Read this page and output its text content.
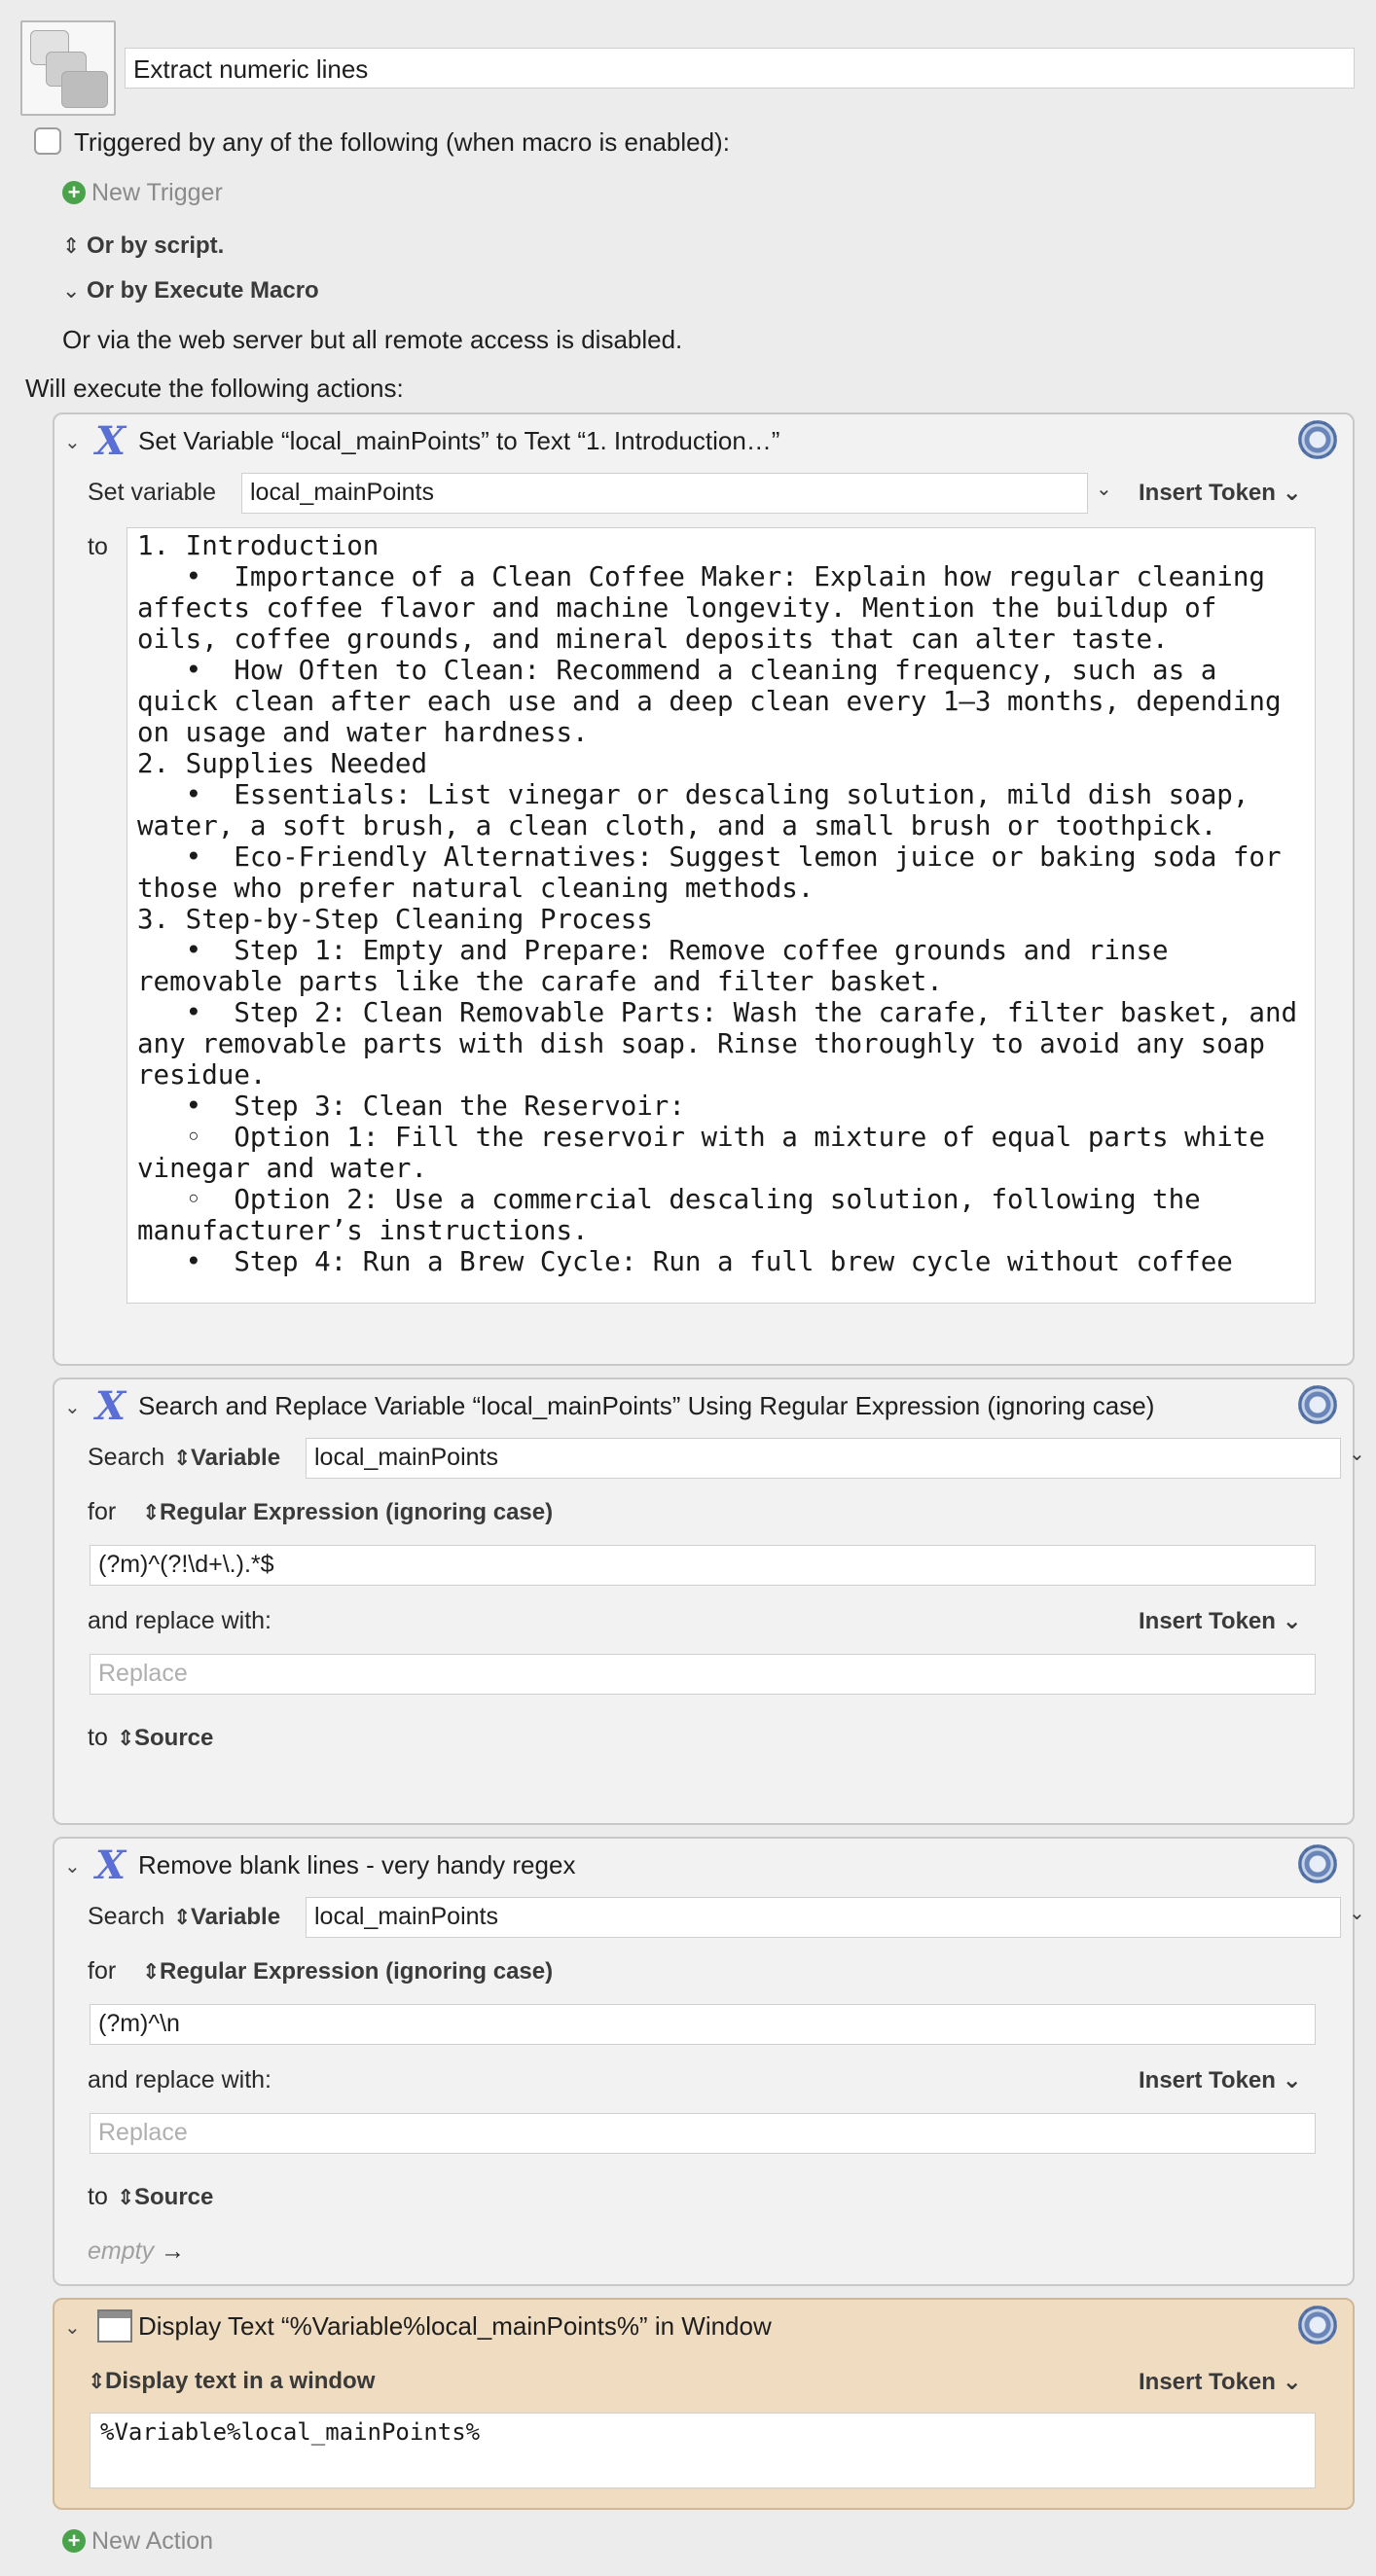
Extract numeric lines
Triggered by any of the following (when macro is enabled):
+ New Trigger
⇕ Or by script.
⌄ Or by Execute Macro
Or via the web server but all remote access is disabled.
Will execute the following actions:
⌄ X Set Variable “local_mainPoints” to Text “1. Introduction…”
Set variable	local_mainPoints	⌄ Insert Token ⌄
to	1. Introduction
•  Importance of a Clean Coffee Maker: Explain how regular cleaning affects coffee flavor and machine longevity. Mention the buildup of oils, coffee grounds, and mineral deposits that can alter taste.
•  How Often to Clean: Recommend a cleaning frequency, such as a quick clean after each use and a deep clean every 1–3 months, depending on usage and water hardness.
2. Supplies Needed
•  Essentials: List vinegar or descaling solution, mild dish soap, water, a soft brush, a clean cloth, and a small brush or toothpick.
•  Eco-Friendly Alternatives: Suggest lemon juice or baking soda for those who prefer natural cleaning methods.
3. Step-by-Step Cleaning Process
•  Step 1: Empty and Prepare: Remove coffee grounds and rinse removable parts like the carafe and filter basket.
•  Step 2: Clean Removable Parts: Wash the carafe, filter basket, and any removable parts with dish soap. Rinse thoroughly to avoid any soap residue.
•  Step 3: Clean the Reservoir:
◦  Option 1: Fill the reservoir with a mixture of equal parts white vinegar and water.
◦  Option 2: Use a commercial descaling solution, following the manufacturer’s instructions.
•  Step 4: Run a Brew Cycle: Run a full brew cycle without coffee
⌄ X Search and Replace Variable “local_mainPoints” Using Regular Expression (ignoring case)
Search ⇕Variable	local_mainPoints	⌄
for ⇕Regular Expression (ignoring case)
(?m)^(?!\d+\.).*$
and replace with:	Insert Token ⌄
Replace
to ⇕Source
⌄ X Remove blank lines - very handy regex
Search ⇕Variable	local_mainPoints	⌄
for ⇕Regular Expression (ignoring case)
(?m)^\n
and replace with:	Insert Token ⌄
Replace
to ⇕Source
empty →
⌄ Display Text “%Variable%local_mainPoints%” in Window
⇕Display text in a window	Insert Token ⌄
%Variable%local_mainPoints%
+ New Action
